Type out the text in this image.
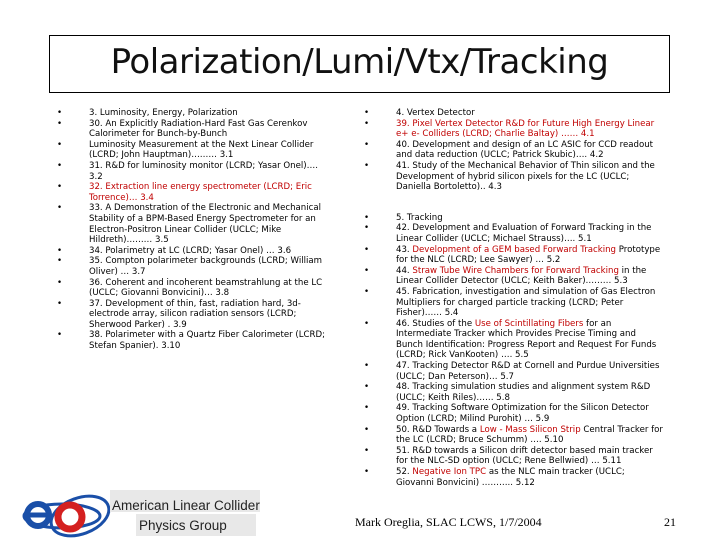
Polarization/Lumi/Vtx/Tracking
•	3. Luminosity, Energy, Polarization
•	30. An Explicitly Radiation-Hard Fast Gas Cerenkov Calorimeter for Bunch-by-Bunch
•	Luminosity Measurement at the Next Linear Collider (LCRD; John Hauptman)……… 3.1
•	31. R&D for luminosity monitor (LCRD; Yasar Onel)…. 3.2
•	32. Extraction line energy spectrometer (LCRD; Eric Torrence)… 3.4
•	33. A Demonstration of the Electronic and Mechanical Stability of a BPM-Based Energy Spectrometer for an Electron-Positron Linear Collider (UCLC; Mike Hildreth)……… 3.5
•	34. Polarimetry at LC (LCRD; Yasar Onel) … 3.6
•	35. Compton polarimeter backgrounds (LCRD; William Oliver) … 3.7
•	36. Coherent and incoherent beamstrahlung at the LC (UCLC; Giovanni Bonvicini)… 3.8
•	37. Development of thin, fast, radiation hard, 3d-electrode array, silicon radiation sensors (LCRD; Sherwood Parker) . 3.9
•	38. Polarimeter with a Quartz Fiber Calorimeter (LCRD; Stefan Spanier). 3.10
•	4. Vertex Detector
•	39. Pixel Vertex Detector R&D for Future High Energy Linear e+ e- Colliders (LCRD; Charlie Baltay) …… 4.1
•	40. Development and design of an LC ASIC for CCD readout and data reduction (UCLC; Patrick Skubic)…. 4.2
•	41. Study of the Mechanical Behavior of Thin silicon and the Development of hybrid silicon pixels for the LC (UCLC; Daniella Bortoletto).. 4.3
•	5. Tracking
•	42. Development and Evaluation of Forward Tracking in the Linear Collider (UCLC; Michael Strauss)…. 5.1
•	43. Development of a GEM based Forward Tracking Prototype for the NLC (LCRD; Lee Sawyer) … 5.2
•	44. Straw Tube Wire Chambers for Forward Tracking in the Linear Collider Detector (UCLC; Keith Baker)……… 5.3
•	45. Fabrication, investigation and simulation of Gas Electron Multipliers for charged particle tracking (LCRD; Peter Fisher)…… 5.4
•	46. Studies of the Use of Scintillating Fibers for an Intermediate Tracker which Provides Precise Timing and Bunch Identification: Progress Report and Request For Funds (LCRD; Rick VanKooten) …. 5.5
•	47. Tracking Detector R&D at Cornell and Purdue Universities (UCLC; Dan Peterson)… 5.7
•	48. Tracking simulation studies and alignment system R&D (UCLC; Keith Riles)…… 5.8
•	49. Tracking Software Optimization for the Silicon Detector Option (LCRD; Milind Purohit) … 5.9
•	50. R&D Towards a Low - Mass Silicon Strip Central Tracker for the LC (LCRD; Bruce Schumm) …. 5.10
•	51. R&D towards a Silicon drift detector based main tracker for the NLC-SD option (UCLC; Rene Bellwied) … 5.11
•	52. Negative Ion TPC as the NLC main tracker (UCLC; Giovanni Bonvicini) ……….. 5.12
American Linear Collider
Physics Group	Mark Oreglia, SLAC LCWS, 1/7/2004	21
